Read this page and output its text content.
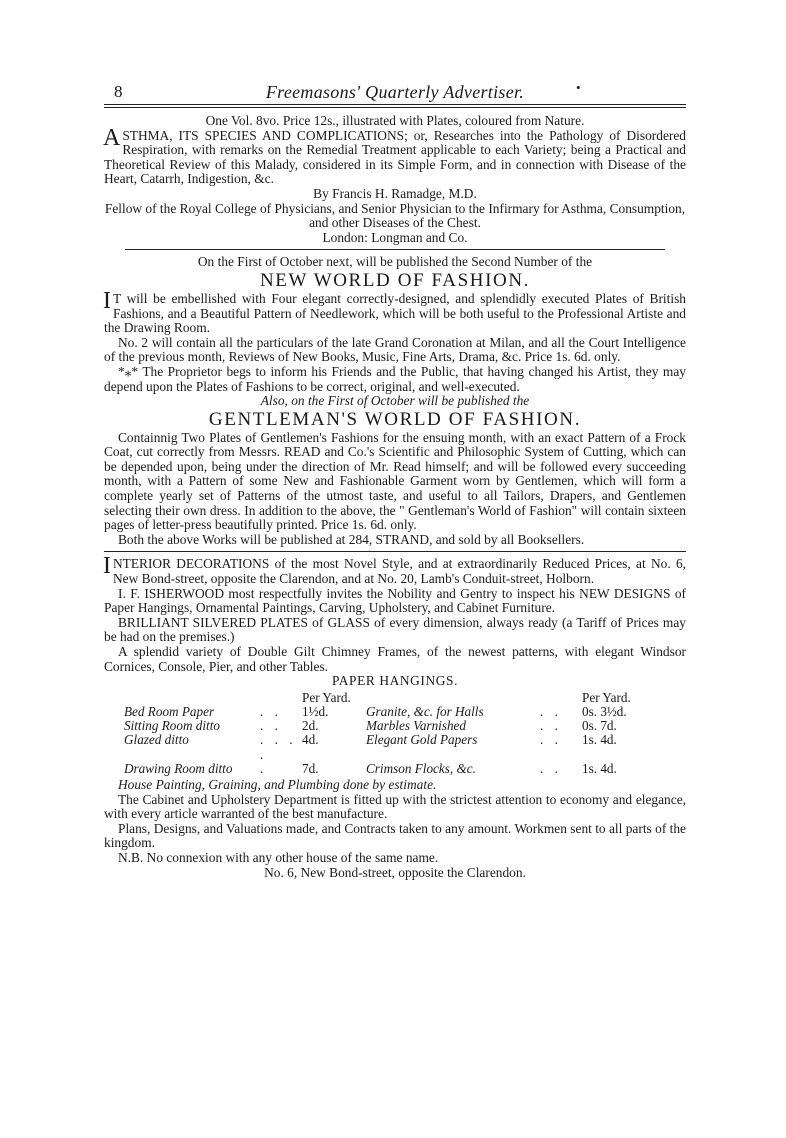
8	Freemasons' Quarterly Advertiser.	•

One Vol. 8vo. Price 12s., illustrated with Plates, coloured from Nature.

ASTHMA, ITS SPECIES AND COMPLICATIONS; or, Researches into the Pathology of Disordered Respiration, with remarks on the Remedial Treatment applicable to each Variety; being a Practical and Theoretical Review of this Malady, considered in its Simple Form, and in connection with Disease of the Heart, Catarrh, Indigestion, &c.

By Francis H. Ramadge, M.D.

Fellow of the Royal College of Physicians, and Senior Physician to the Infirmary for Asthma, Consumption, and other Diseases of the Chest.

London: Longman and Co.

On the First of October next, will be published the Second Number of the

NEW WORLD OF FASHION.

I T will be embellished with Four elegant correctly-designed, and splendidly executed Plates of British Fashions, and a Beautiful Pattern of Needlework, which will be both useful to the Professional Artiste and the Drawing Room.

No. 2 will contain all the particulars of the late Grand Coronation at Milan, and all the Court Intelligence of the previous month, Reviews of New Books, Music, Fine Arts, Drama, &c. Price 1s. 6d. only.

*⁎* The Proprietor begs to inform his Friends and the Public, that having changed his Artist, they may depend upon the Plates of Fashions to be correct, original, and well-executed.

Also, on the First of October will be published the

GENTLEMAN'S WORLD OF FASHION.

Containnig Two Plates of Gentlemen's Fashions for the ensuing month, with an exact Pattern of a Frock Coat, cut correctly from Messrs. READ and Co.'s Scientific and Philosophic System of Cutting, which can be depended upon, being under the direction of Mr. Read himself; and will be followed every succeeding month, with a Pattern of some New and Fashionable Garment worn by Gentlemen, which will form a complete yearly set of Patterns of the utmost taste, and useful to all Tailors, Drapers, and Gentlemen selecting their own dress. In addition to the above, the " Gentleman's World of Fashion" will contain sixteen pages of letter-press beautifully printed. Price 1s. 6d. only.

Both the above Works will be published at 284, STRAND, and sold by all Booksellers.

INTERIOR DECORATIONS of the most Novel Style, and at extraordinarily Reduced Prices, at No. 6, New Bond-street, opposite the Clarendon, and at No. 20, Lamb's Conduit-street, Holborn.

I. F. ISHERWOOD most respectfully invites the Nobility and Gentry to inspect his NEW DESIGNS of Paper Hangings, Ornamental Paintings, Carving, Upholstery, and Cabinet Furniture.

BRILLIANT SILVERED PLATES of GLASS of every dimension, always ready (a Tariff of Prices may be had on the premises.)

A splendid variety of Double Gilt Chimney Frames, of the newest patterns, with elegant Windsor Cornices, Console, Pier, and other Tables.

PAPER HANGINGS.

		Per Yard.			Per Yard.
Bed Room Paper	. .	1½d.	Granite, &c. for Halls	. .	0s. 3½d.
Sitting Room ditto	. .	2d.	Marbles Varnished	. .	0s. 7d.
Glazed ditto	. . . .	4d.	Elegant Gold Papers	. .	1s. 4d.
Drawing Room ditto	.	7d.	Crimson Flocks, &c.	. .	1s. 4d.

House Painting, Graining, and Plumbing done by estimate.

The Cabinet and Upholstery Department is fitted up with the strictest attention to economy and elegance, with every article warranted of the best manufacture.

Plans, Designs, and Valuations made, and Contracts taken to any amount. Workmen sent to all parts of the kingdom.

N.B. No connexion with any other house of the same name.

No. 6, New Bond-street, opposite the Clarendon.
